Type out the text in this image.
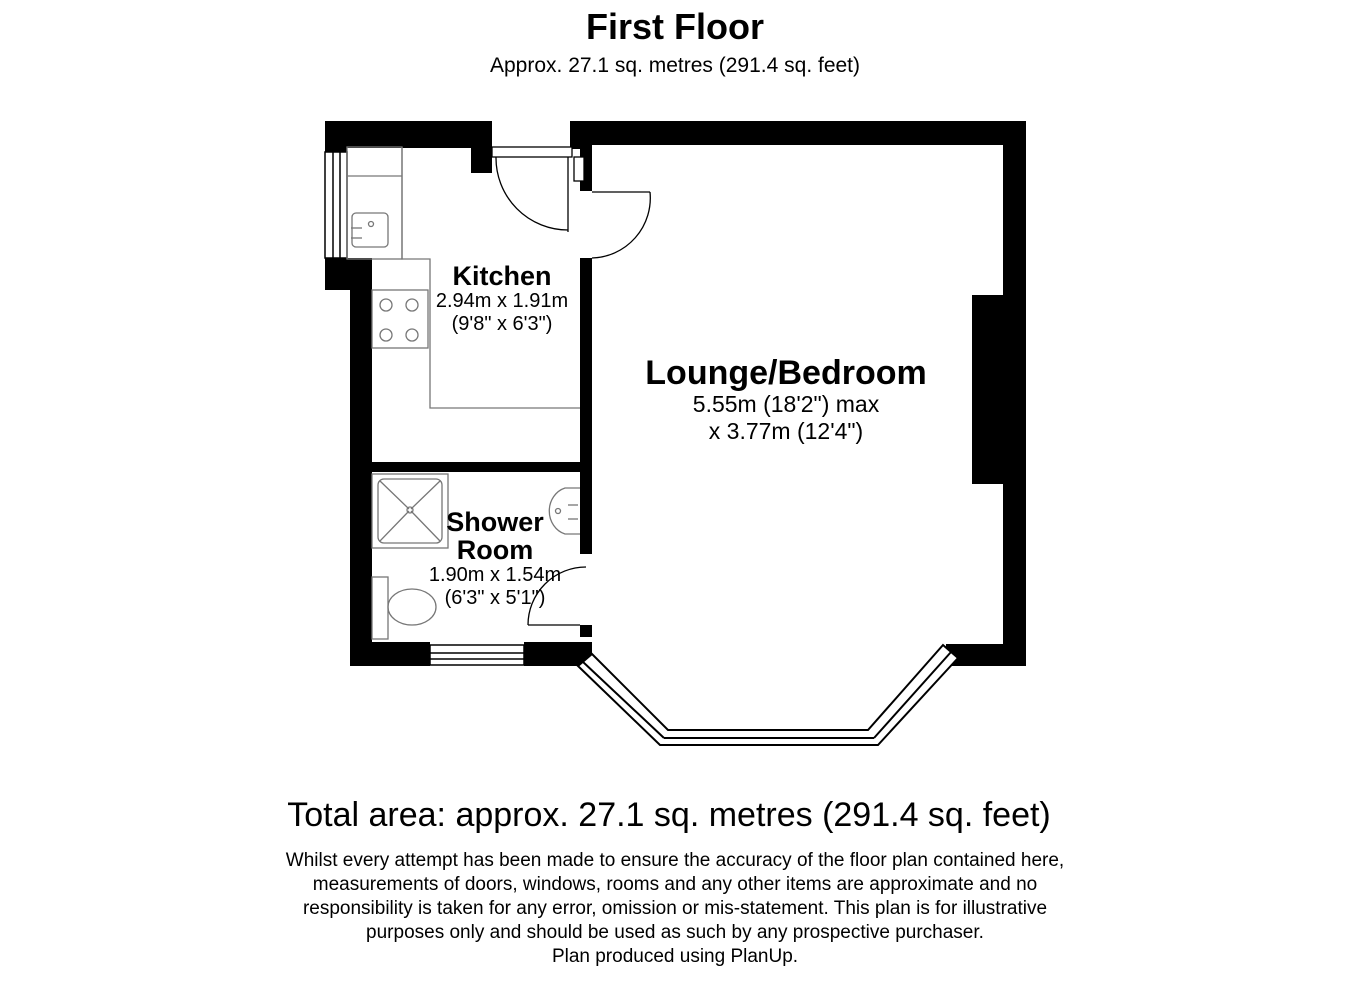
First Floor
Approx. 27.1 sq. metres (291.4 sq. feet)
Kitchen
2.94m x 1.91m
(9'8" x 6'3")
Lounge/Bedroom
5.55m (18'2") max
x 3.77m (12'4")
Shower
Room
1.90m x 1.54m
(6'3" x 5'1")
Total area: approx. 27.1 sq. metres (291.4 sq. feet)
Whilst every attempt has been made to ensure the accuracy of the floor plan contained here,
measurements of doors, windows, rooms and any other items are approximate and no
responsibility is taken for any error, omission or mis-statement. This plan is for illustrative
purposes only and should be used as such by any prospective purchaser.
Plan produced using PlanUp.
